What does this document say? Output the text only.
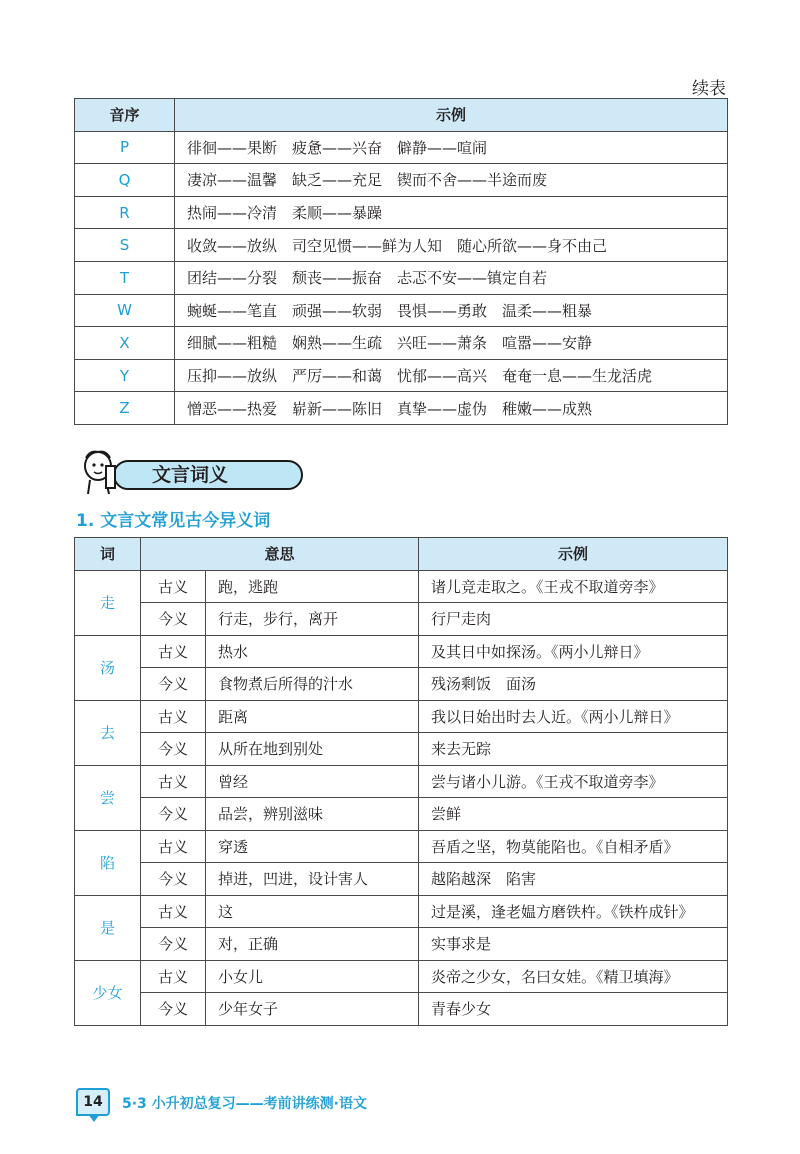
续表
音序	示例
P	徘徊——果断　疲惫——兴奋　僻静——喧闹
Q	凄凉——温馨　缺乏——充足　锲而不舍——半途而废
R	热闹——冷清　柔顺——暴躁
S	收敛——放纵　司空见惯——鲜为人知　随心所欲——身不由己
T	团结——分裂　颓丧——振奋　忐忑不安——镇定自若
W	蜿蜒——笔直　顽强——软弱　畏惧——勇敢　温柔——粗暴
X	细腻——粗糙　娴熟——生疏　兴旺——萧条　喧嚣——安静
Y	压抑——放纵　严厉——和蔼　忧郁——高兴　奄奄一息——生龙活虎
Z	憎恶——热爱　崭新——陈旧　真挚——虚伪　稚嫩——成熟
文言词义
1. 文言文常见古今异义词
词	意思		示例
走	古义	跑，逃跑	诸儿竞走取之。《王戎不取道旁李》
	今义	行走，步行，离开	行尸走肉
汤	古义	热水	及其日中如探汤。《两小儿辩日》
	今义	食物煮后所得的汁水	残汤剩饭　面汤
去	古义	距离	我以日始出时去人近。《两小儿辩日》
	今义	从所在地到别处	来去无踪
尝	古义	曾经	尝与诸小儿游。《王戎不取道旁李》
	今义	品尝，辨别滋味	尝鲜
陷	古义	穿透	吾盾之坚，物莫能陷也。《自相矛盾》
	今义	掉进，凹进，设计害人	越陷越深　陷害
是	古义	这	过是溪，逢老媪方磨铁杵。《铁杵成针》
	今义	对，正确	实事求是
少女	古义	小女儿	炎帝之少女，名曰女娃。《精卫填海》
	今义	少年女子	青春少女
14	5·3 小升初总复习——考前讲练测·语文
